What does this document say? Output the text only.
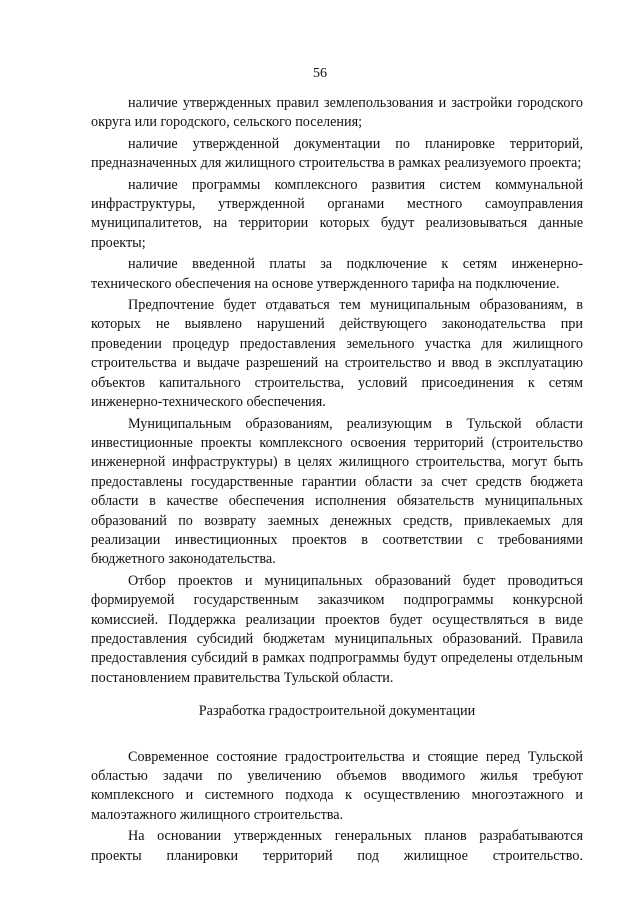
56

наличие утвержденных правил землепользования и застройки городского округа или городского, сельского поселения;

наличие утвержденной документации по планировке территорий, предназначенных для жилищного строительства в рамках реализуемого проекта;

наличие программы комплексного развития систем коммунальной инфраструктуры, утвержденной органами местного самоуправления муниципалитетов, на территории которых будут реализовываться данные проекты;

наличие введенной платы за подключение к сетям инженерно-технического обеспечения на основе утвержденного тарифа на подключение.

Предпочтение будет отдаваться тем муниципальным образованиям, в которых не выявлено нарушений действующего законодательства при проведении процедур предоставления земельного участка для жилищного строительства и выдаче разрешений на строительство и ввод в эксплуатацию объектов капитального строительства, условий присоединения к сетям инженерно-технического обеспечения.

Муниципальным образованиям, реализующим в Тульской области инвестиционные проекты комплексного освоения территорий (строительство инженерной инфраструктуры) в целях жилищного строительства, могут быть предоставлены государственные гарантии области за счет средств бюджета области в качестве обеспечения исполнения обязательств муниципальных образований по возврату заемных денежных средств, привлекаемых для реализации инвестиционных проектов в соответствии с требованиями бюджетного законодательства.

Отбор проектов и муниципальных образований будет проводиться формируемой государственным заказчиком подпрограммы конкурсной комиссией. Поддержка реализации проектов будет осуществляться в виде предоставления субсидий бюджетам муниципальных образований. Правила предоставления субсидий в рамках подпрограммы будут определены отдельным постановлением правительства Тульской области.

Разработка градостроительной документации

Современное состояние градостроительства и стоящие перед Тульской областью задачи по увеличению объемов вводимого жилья требуют комплексного и системного подхода к осуществлению многоэтажного и малоэтажного жилищного строительства.

На основании утвержденных генеральных планов разрабатываются проекты планировки территорий под жилищное строительство.
